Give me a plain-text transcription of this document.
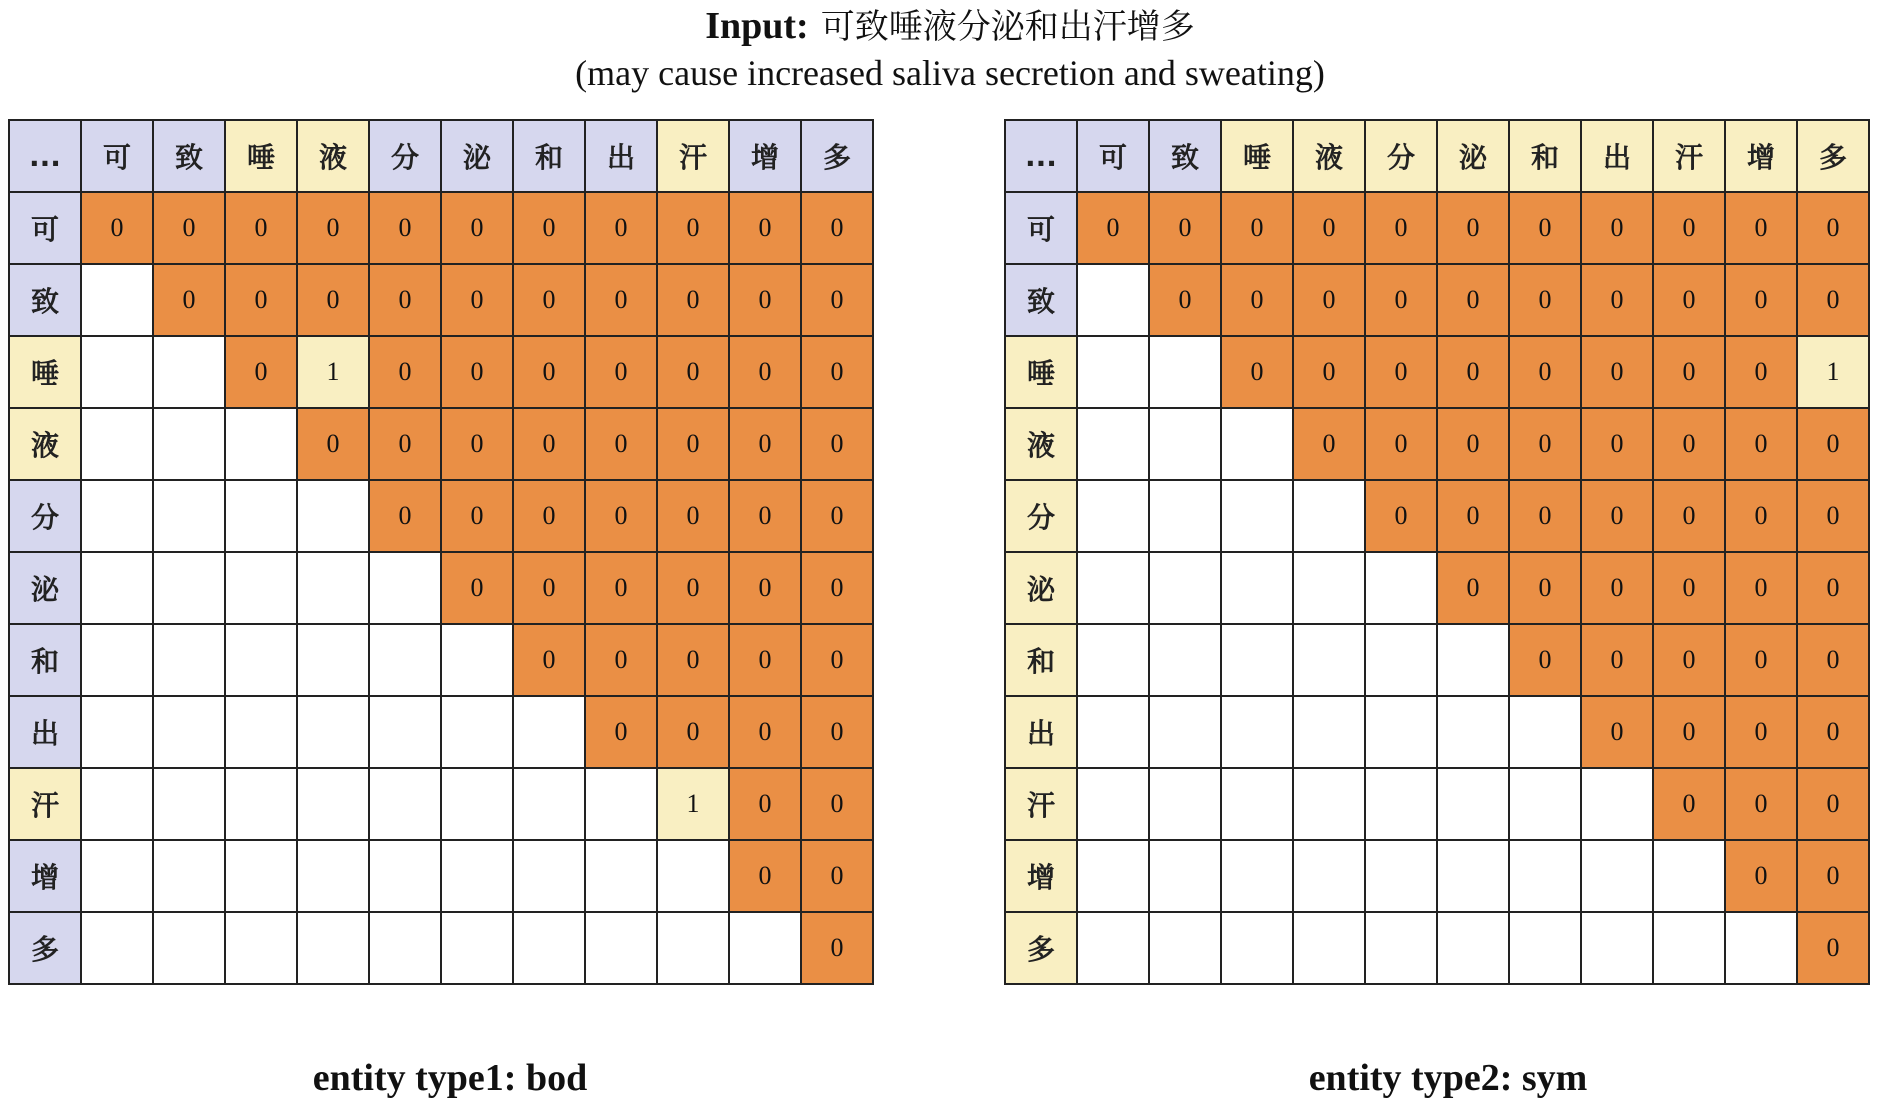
Input: 可致唾液分泌和出汗增多
(may cause increased saliva secretion and sweating)
...	可	致	唾	液	分	泌	和	出	汗	增	多
可	0	0	0	0	0	0	0	0	0	0	0
致		0	0	0	0	0	0	0	0	0	0
唾			0	1	0	0	0	0	0	0	0
液				0	0	0	0	0	0	0	0
分					0	0	0	0	0	0	0
泌						0	0	0	0	0	0
和							0	0	0	0	0
出								0	0	0	0
汗									1	0	0
增										0	0
多											0
...	可	致	唾	液	分	泌	和	出	汗	增	多
可	0	0	0	0	0	0	0	0	0	0	0
致		0	0	0	0	0	0	0	0	0	0
唾			0	0	0	0	0	0	0	0	1
液				0	0	0	0	0	0	0	0
分					0	0	0	0	0	0	0
泌						0	0	0	0	0	0
和							0	0	0	0	0
出								0	0	0	0
汗									0	0	0
增										0	0
多											0
entity type1: bod	entity type2: sym
